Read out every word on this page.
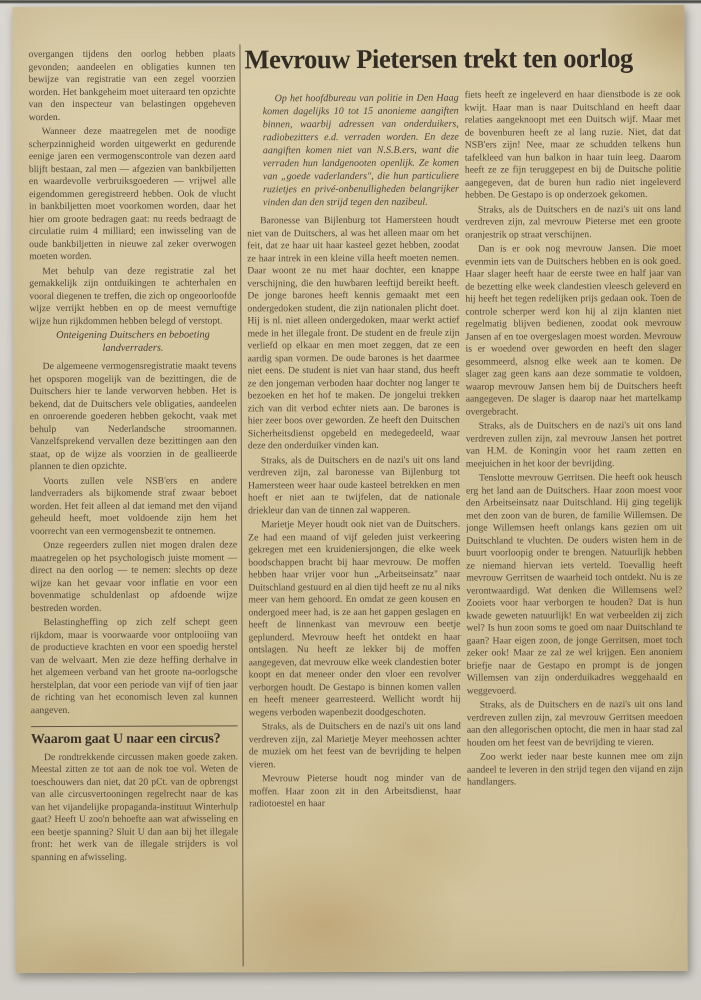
Mevrouw Pietersen trekt ten oorlog

overgangen tijdens den oorlog hebben plaats gevonden; aandeelen en obligaties kunnen ten bewijze van registratie van een zegel voorzien worden. Het bankgeheim moet uiteraard ten opzichte van den inspecteur van belastingen opgeheven worden.

Wanneer deze maatregelen met de noodige scherpzinnigheid worden uitgewerkt en gedurende eenige jaren een vermogenscontrole van dezen aard blijft bestaan, zal men — afgezien van bankbiljetten en waardevolle verbruiksgoederen — vrijwel alle eigendommen geregistreerd hebben. Ook de vlucht in bankbiljetten moet voorkomen worden, daar het hier om groote bedragen gaat: nu reeds bedraagt de circulatie ruim 4 milliard; een inwisseling van de oude bankbiljetten in nieuwe zal zeker overwogen moeten worden.

Met behulp van deze registratie zal het gemakkelijk zijn ontduikingen te achterhalen en vooral diegenen te treffen, die zich op ongeoorloofde wijze verrijkt hebben en op de meest vernuftige wijze hun rijkdommen hebben belegd of verstopt.

Onteigening Duitschers en beboeting landverraders.

De algemeene vermogensregistratie maakt tevens het opsporen mogelijk van de bezittingen, die de Duitschers hier te lande verworven hebben. Het is bekend, dat de Duitschers vele obligaties, aandeelen en onroerende goederen hebben gekocht, vaak met behulp van Nederlandsche stroomannen. Vanzelfsprekend vervallen deze bezittingen aan den staat, op de wijze als voorzien in de geallieerde plannen te dien opzichte.

Voorts zullen vele NSB'ers en andere landverraders als bijkomende straf zwaar beboet worden. Het feit alleen al dat iemand met den vijand geheuld heeft, moet voldoende zijn hem het voorrecht van een vermogensbezit te ontnemen.

Onze regeerders zullen niet mogen dralen deze maatregelen op het psychologisch juiste moment — direct na den oorlog — te nemen: slechts op deze wijze kan het gevaar voor inflatie en voor een bovenmatige schuldenlast op afdoende wijze bestreden worden.

Belastingheffing op zich zelf schept geen rijkdom, maar is voorwaarde voor ontplooiing van de productieve krachten en voor een spoedig herstel van de welvaart. Men zie deze heffing derhalve in het algemeen verband van het groote na-oorlogsche herstelplan, dat voor een periode van vijf of tien jaar de richting van het economisch leven zal kunnen aangeven.

Waarom gaat U naar een circus?

De rondtrekkende circussen maken goede zaken. Meestal zitten ze tot aan de nok toe vol. Weten de toeschouwers dan niet, dat 20 pCt. van de opbrengst van alle circusvertooningen regelrecht naar de kas van het vijandelijke propaganda-instituut Winterhulp gaat? Heeft U zoo'n behoefte aan wat afwisseling en een beetje spanning? Sluit U dan aan bij het illegale front: het werk van de illegale strijders is vol spanning en afwisseling.

Op het hoofdbureau van politie in Den Haag komen dagelijks 10 tot 15 anonieme aangiften binnen, waarbij adressen van onderduikers, radiobezitters e.d. verraden worden. En deze aangiften komen niet van N.S.B.ers, want die verraden hun landgenooten openlijk. Ze komen van „goede vaderlanders", die hun particuliere ruzietjes en privé-onbenulligheden belangrijker vinden dan den strijd tegen den nazibeul.

Baronesse van Bijlenburg tot Hamersteen houdt niet van de Duitschers, al was het alleen maar om het feit, dat ze haar uit haar kasteel gezet hebben, zoodat ze haar intrek in een kleine villa heeft moeten nemen. Daar woont ze nu met haar dochter, een knappe verschijning, die den huwbaren leeftijd bereikt heeft. De jonge barones heeft kennis gemaakt met een ondergedoken student, die zijn nationalen plicht doet. Hij is nl. niet alleen ondergedoken, maar werkt actief mede in het illegale front. De student en de freule zijn verliefd op elkaar en men moet zeggen, dat ze een aardig span vormen. De oude barones is het daarmee niet eens. De student is niet van haar stand, dus heeft ze den jongeman verboden haar dochter nog langer te bezoeken en het hof te maken. De jongelui trekken zich van dit verbod echter niets aan. De barones is hier zeer boos over geworden. Ze heeft den Duitschen Sicherheitsdienst opgebeld en medegedeeld, waar deze den onderduiker vinden kan.

Straks, als de Duitschers en de nazi's uit ons land verdreven zijn, zal baronesse van Bijlenburg tot Hamersteen weer haar oude kasteel betrekken en men hoeft er niet aan te twijfelen, dat de nationale driekleur dan van de tinnen zal wapperen.

Marietje Meyer houdt ook niet van de Duitschers. Ze had een maand of vijf geleden juist verkeering gekregen met een kruideniersjongen, die elke week boodschappen bracht bij haar mevrouw. De moffen hebben haar vrijer voor hun „Arbeitseinsatz" naar Duitschland gestuurd en al dien tijd heeft ze nu al niks meer van hem gehoord. En omdat ze geen kousen en ondergoed meer had, is ze aan het gappen geslagen en heeft de linnenkast van mevrouw een beetje geplunderd. Mevrouw heeft het ontdekt en haar ontslagen. Nu heeft ze lekker bij de moffen aangegeven, dat mevrouw elke week clandestien boter koopt en dat meneer onder den vloer een revolver verborgen houdt. De Gestapo is binnen komen vallen en heeft meneer gearresteerd. Wellicht wordt hij wegens verboden wapenbezit doodgeschoten.

Straks, als de Duitschers en de nazi's uit ons land verdreven zijn, zal Marietje Meyer meehossen achter de muziek om het feest van de bevrijding te helpen vieren.

Mevrouw Pieterse houdt nog minder van de moffen. Haar zoon zit in den Arbeitsdienst, haar radiotoestel en haar

fiets heeft ze ingeleverd en haar dienstbode is ze ook kwijt. Haar man is naar Duitschland en heeft daar relaties aangeknoopt met een Duitsch wijf. Maar met de bovenburen heeft ze al lang ruzie. Niet, dat dat NSB'ers zijn! Nee, maar ze schudden telkens hun tafelkleed van hun balkon in haar tuin leeg. Daarom heeft ze ze fijn teruggepest en bij de Duitsche politie aangegeven, dat de buren hun radio niet ingeleverd hebben. De Gestapo is op onderzoek gekomen.

Straks, als de Duitschers en de nazi's uit ons land verdreven zijn, zal mevrouw Pieterse met een groote oranjestrik op straat verschijnen.

Dan is er ook nog mevrouw Jansen. Die moet evenmin iets van de Duitschers hebben en is ook goed. Haar slager heeft haar de eerste twee en half jaar van de bezetting elke week clandestien vleesch geleverd en hij heeft het tegen redelijken prijs gedaan ook. Toen de controle scherper werd kon hij al zijn klanten niet regelmatig blijven bedienen, zoodat ook mevrouw Jansen af en toe overgeslagen moest worden. Mevrouw is er woedend over geworden en heeft den slager gesommeerd, alsnog elke week aan te komen. De slager zag geen kans aan deze sommatie te voldoen, waarop mevrouw Jansen hem bij de Duitschers heeft aangegeven. De slager is daarop naar het martelkamp overgebracht.

Straks, als de Duitschers en de nazi's uit ons land verdreven zullen zijn, zal mevrouw Jansen het portret van H.M. de Koningin voor het raam zetten en meejuichen in het koor der bevrijding.

Tenslotte mevrouw Gerritsen. Die heeft ook heusch erg het land aan de Duitschers. Haar zoon moest voor den Arbeitseinsatz naar Duitschland. Hij ging tegelijk met den zoon van de buren, de familie Willemsen. De jonge Willemsen heeft onlangs kans gezien om uit Duitschland te vluchten. De ouders wisten hem in de buurt voorloopig onder te brengen. Natuurlijk hebben ze niemand hiervan iets verteld. Toevallig heeft mevrouw Gerritsen de waarheid toch ontdekt. Nu is ze verontwaardigd. Wat denken die Willemsens wel? Zooiets voor haar verborgen te houden? Dat is hun kwade geweten natuurlijk! En wat verbeelden zij zich wel? Is hun zoon soms te goed om naar Duitschland te gaan? Haar eigen zoon, de jonge Gerritsen, moet toch zeker ook! Maar ze zal ze wel krijgen. Een anoniem briefje naar de Gestapo en prompt is de jongen Willemsen van zijn onderduikadres weggehaald en weggevoerd.

Straks, als de Duitschers en de nazi's uit ons land verdreven zullen zijn, zal mevrouw Gerritsen meedoen aan den allegorischen optocht, die men in haar stad zal houden om het feest van de bevrijding te vieren.

Zoo werkt ieder naar beste kunnen mee om zijn aandeel te leveren in den strijd tegen den vijand en zijn handlangers.
